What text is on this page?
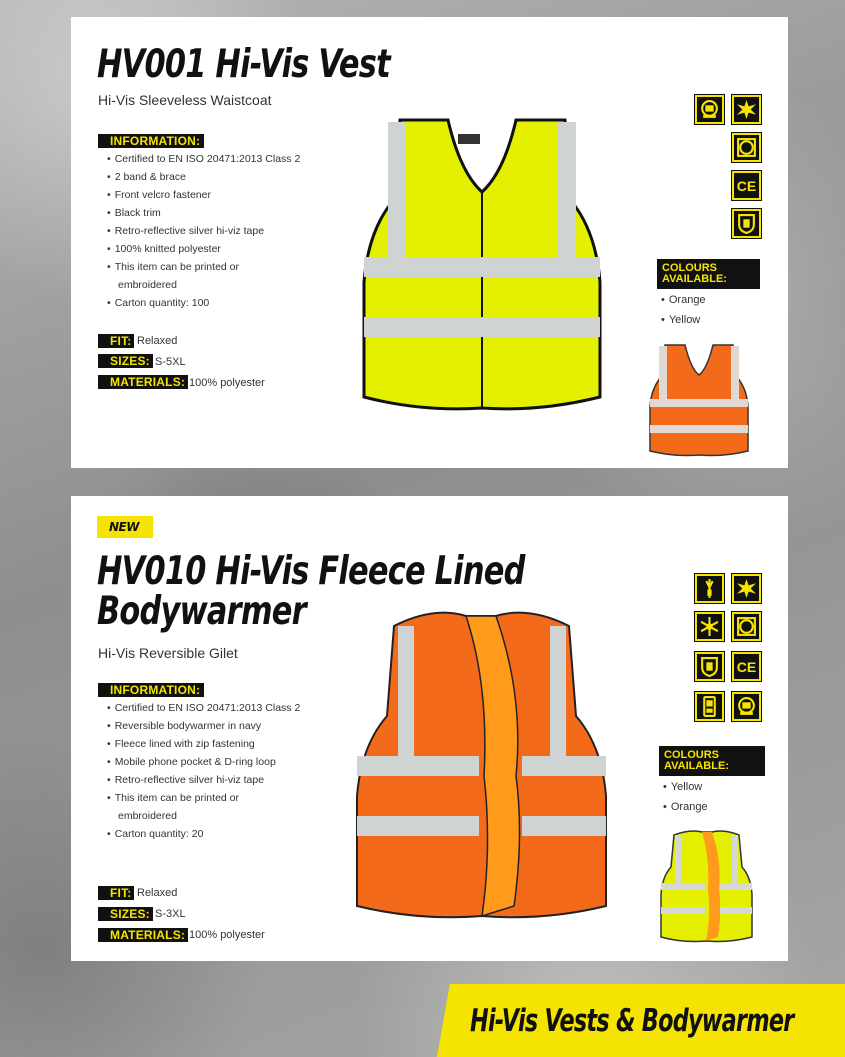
HV001 Hi-Vis Vest
Hi-Vis Sleeveless Waistcoat
INFORMATION:
• Certified to EN ISO 20471:2013 Class 2
• 2 band & brace
• Front velcro fastener
• Black trim
• Retro-reflective silver hi-viz tape
• 100% knitted polyester
• This item can be printed or
embroidered
• Carton quantity: 100
FIT: Relaxed
SIZES: S-5XL
MATERIALS: 100% polyester
CE
COLOURS AVAILABLE:
• Orange
• Yellow
NEW
HV010 Hi-Vis Fleece Lined
Bodywarmer
Hi-Vis Reversible Gilet
INFORMATION:
• Certified to EN ISO 20471:2013 Class 2
• Reversible bodywarmer in navy
• Fleece lined with zip fastening
• Mobile phone pocket & D-ring loop
• Retro-reflective silver hi-viz tape
• This item can be printed or
embroidered
• Carton quantity: 20
FIT: Relaxed
SIZES: S-3XL
MATERIALS: 100% polyester
CE
COLOURS AVAILABLE:
• Yellow
• Orange
Hi-Vis Vests & Bodywarmer
